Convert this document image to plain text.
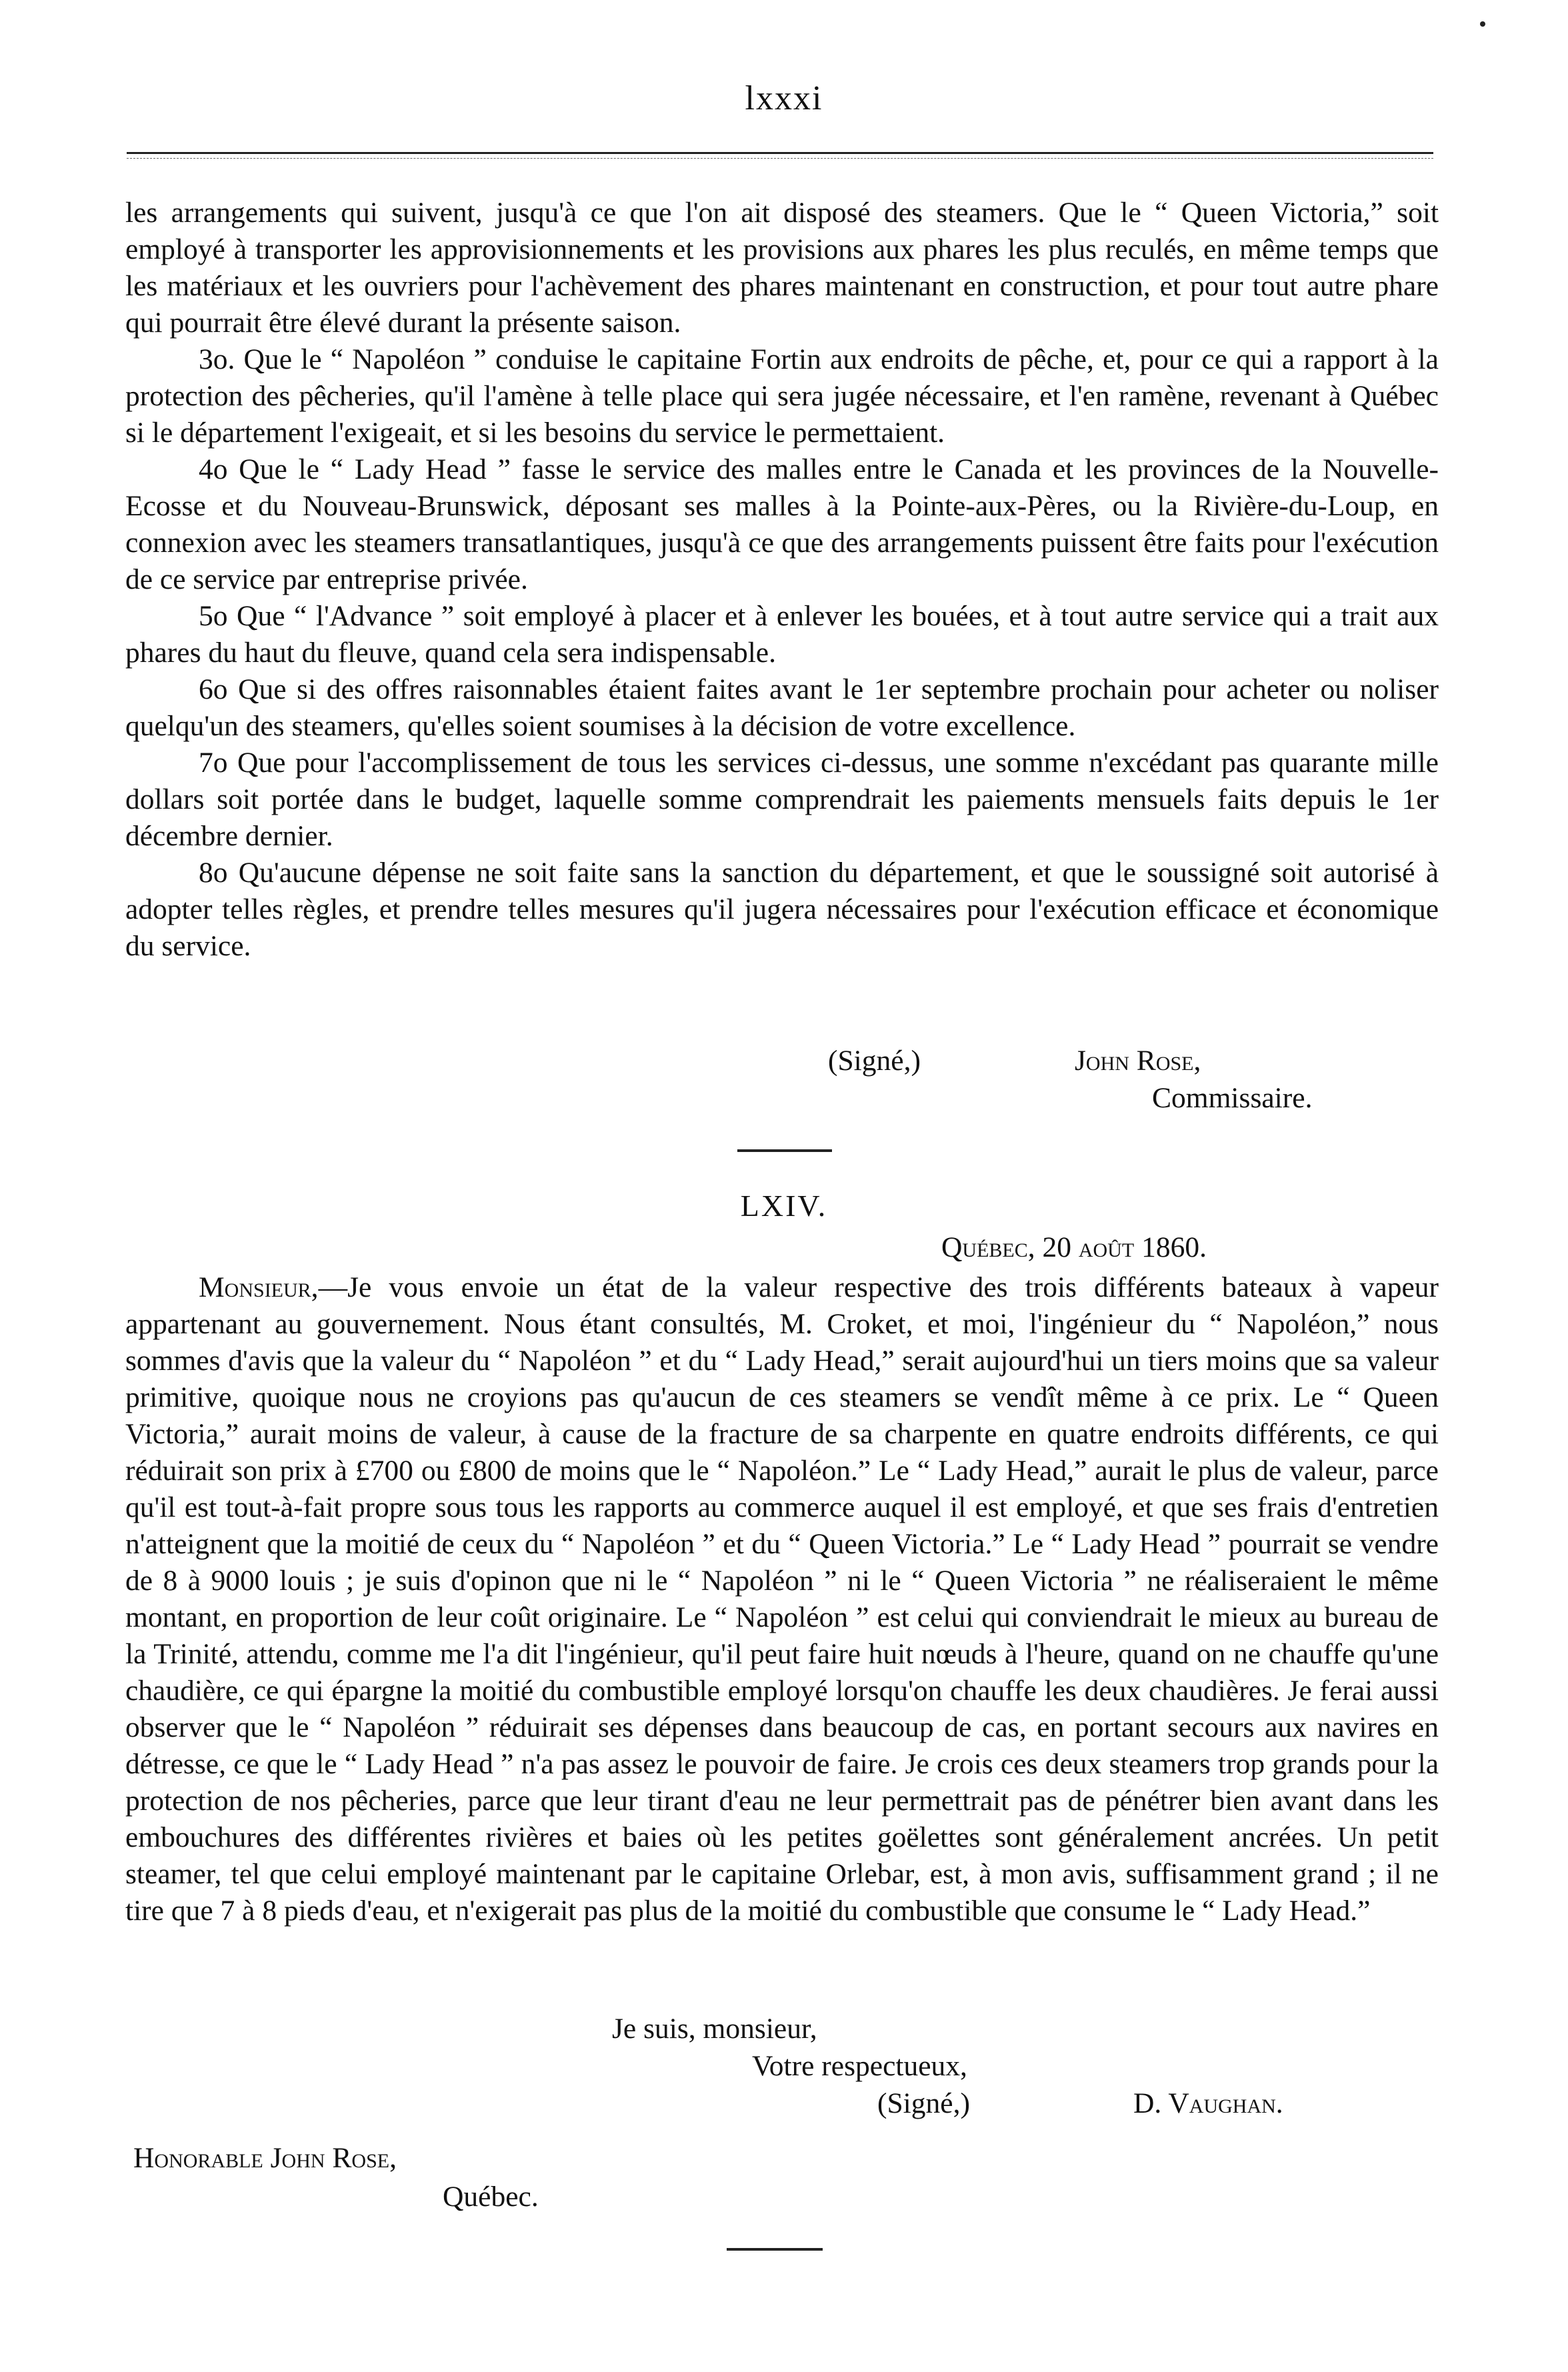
lxxxi

les arrangements qui suivent, jusqu'à ce que l'on ait disposé des steamers. Que le “ Queen Victoria,” soit employé à transporter les approvisionnements et les provisions aux phares les plus reculés, en même temps que les matériaux et les ouvriers pour l'achèvement des phares maintenant en construction, et pour tout autre phare qui pourrait être élevé durant la présente saison.

3o. Que le “ Napoléon ” conduise le capitaine Fortin aux endroits de pêche, et, pour ce qui a rapport à la protection des pêcheries, qu'il l'amène à telle place qui sera jugée nécessaire, et l'en ramène, revenant à Québec si le département l'exigeait, et si les besoins du service le permettaient.

4o Que le “ Lady Head ” fasse le service des malles entre le Canada et les provinces de la Nouvelle-Ecosse et du Nouveau-Brunswick, déposant ses malles à la Pointe-aux-Pères, ou la Rivière-du-Loup, en connexion avec les steamers transatlantiques, jusqu'à ce que des arrangements puissent être faits pour l'exécution de ce service par entreprise privée.

5o Que “ l'Advance ” soit employé à placer et à enlever les bouées, et à tout autre service qui a trait aux phares du haut du fleuve, quand cela sera indispensable.

6o Que si des offres raisonnables étaient faites avant le 1er septembre prochain pour acheter ou noliser quelqu'un des steamers, qu'elles soient soumises à la décision de votre excellence.

7o Que pour l'accomplissement de tous les services ci-dessus, une somme n'excédant pas quarante mille dollars soit portée dans le budget, laquelle somme comprendrait les paiements mensuels faits depuis le 1er décembre dernier.

8o Qu'aucune dépense ne soit faite sans la sanction du département, et que le soussigné soit autorisé à adopter telles règles, et prendre telles mesures qu'il jugera nécessaires pour l'exécution efficace et économique du service.

(Signé,)	John Rose,
Commissaire.
LXIV.
Québec, 20 août 1860.

Monsieur,—Je vous envoie un état de la valeur respective des trois différents bateaux à vapeur appartenant au gouvernement. Nous étant consultés, M. Croket, et moi, l'ingénieur du “ Napoléon,” nous sommes d'avis que la valeur du “ Napoléon ” et du “ Lady Head,” serait aujourd'hui un tiers moins que sa valeur primitive, quoique nous ne croyions pas qu'aucun de ces steamers se vendît même à ce prix. Le “ Queen Victoria,” aurait moins de valeur, à cause de la fracture de sa charpente en quatre endroits différents, ce qui réduirait son prix à £700 ou £800 de moins que le “ Napoléon.” Le “ Lady Head,” aurait le plus de valeur, parce qu'il est tout-à-fait propre sous tous les rapports au commerce auquel il est employé, et que ses frais d'entretien n'atteignent que la moitié de ceux du “ Napoléon ” et du “ Queen Victoria.” Le “ Lady Head ” pourrait se vendre de 8 à 9000 louis ; je suis d'opinon que ni le “ Napoléon ” ni le “ Queen Victoria ” ne réaliseraient le même montant, en proportion de leur coût originaire. Le “ Napoléon ” est celui qui conviendrait le mieux au bureau de la Trinité, attendu, comme me l'a dit l'ingénieur, qu'il peut faire huit nœuds à l'heure, quand on ne chauffe qu'une chaudière, ce qui épargne la moitié du combustible employé lorsqu'on chauffe les deux chaudières. Je ferai aussi observer que le “ Napoléon ” réduirait ses dépenses dans beaucoup de cas, en portant secours aux navires en détresse, ce que le “ Lady Head ” n'a pas assez le pouvoir de faire. Je crois ces deux steamers trop grands pour la protection de nos pêcheries, parce que leur tirant d'eau ne leur permettrait pas de pénétrer bien avant dans les embouchures des différentes rivières et baies où les petites goëlettes sont généralement ancrées. Un petit steamer, tel que celui employé maintenant par le capitaine Orlebar, est, à mon avis, suffisamment grand ; il ne tire que 7 à 8 pieds d'eau, et n'exigerait pas plus de la moitié du combustible que consume le “ Lady Head.”

Je suis, monsieur,
Votre respectueux,
(Signé,)	D. Vaughan.
Honorable John Rose,
Québec.
